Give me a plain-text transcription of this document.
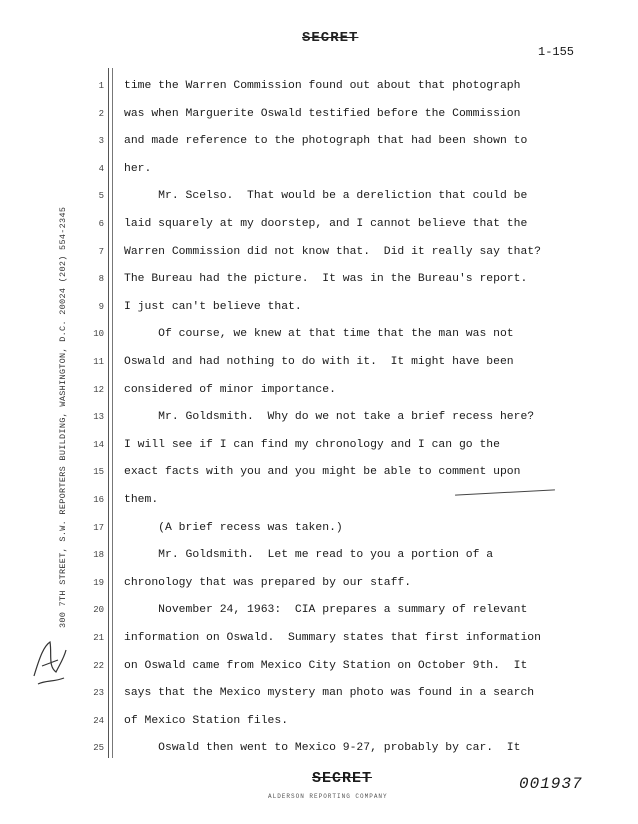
SECRET
1-155
300 7TH STREET, S.W. REPORTERS BUILDING, WASHINGTON, D.C. 20024 (202) 554-2345
1 time the Warren Commission found out about that photograph
2 was when Marguerite Oswald testified before the Commission
3 and made reference to the photograph that had been shown to
4 her.
5 Mr. Scelso.  That would be a dereliction that could be
6 laid squarely at my doorstep, and I cannot believe that the
7 Warren Commission did not know that.  Did it really say that?
8 The Bureau had the picture.  It was in the Bureau's report.
9 I just can't believe that.
10 Of course, we knew at that time that the man was not
11 Oswald and had nothing to do with it.  It might have been
12 considered of minor importance.
13 Mr. Goldsmith.  Why do we not take a brief recess here?
14 I will see if I can find my chronology and I can go the
15 exact facts with you and you might be able to comment upon
16 them.
17 (A brief recess was taken.)
18 Mr. Goldsmith.  Let me read to you a portion of a
19 chronology that was prepared by our staff.
20 November 24, 1963:  CIA prepares a summary of relevant
21 information on Oswald.  Summary states that first information
22 on Oswald came from Mexico City Station on October 9th.  It
23 says that the Mexico mystery man photo was found in a search
24 of Mexico Station files.
25 Oswald then went to Mexico 9-27, probably by car.  It
SECRET
ALDERSON REPORTING COMPANY
001937
